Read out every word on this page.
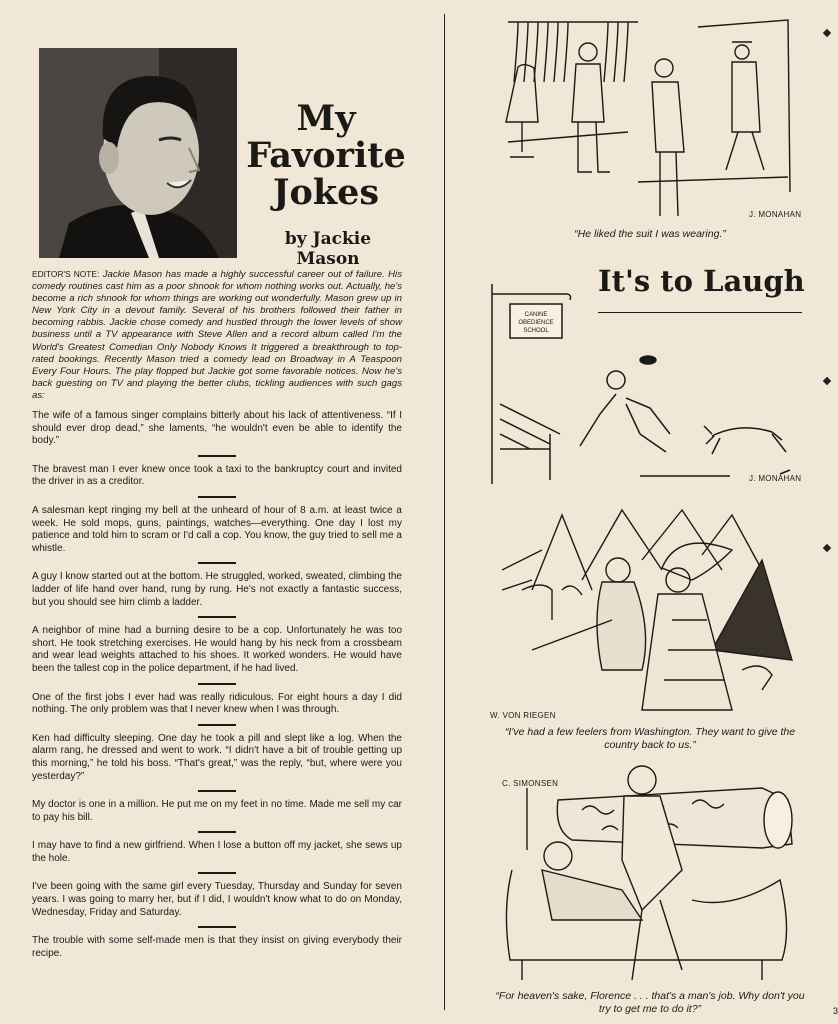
My
Favorite
Jokes
by Jackie Mason

EDITOR'S NOTE: Jackie Mason has made a highly successful career out of failure. His comedy routines cast him as a poor shnook for whom nothing works out. Actually, he's become a rich shnook for whom things are working out wonderfully. Mason grew up in New York City in a devout family. Several of his brothers followed their father in becoming rabbis. Jackie chose comedy and hustled through the lower levels of show business until a TV appearance with Steve Allen and a record album called I'm the World's Greatest Comedian Only Nobody Knows It triggered a breakthrough to top-rated bookings. Recently Mason tried a comedy lead on Broadway in A Teaspoon Every Four Hours. The play flopped but Jackie got some favorable notices. Now he's back guesting on TV and playing the better clubs, tickling audiences with such gags as:

The wife of a famous singer complains bitterly about his lack of attentiveness. “If I should ever drop dead,” she laments, “he wouldn't even be able to identify the body.”

The bravest man I ever knew once took a taxi to the bankruptcy court and invited the driver in as a creditor.

A salesman kept ringing my bell at the unheard of hour of 8 a.m. at least twice a week. He sold mops, guns, paintings, watches—everything. One day I lost my patience and told him to scram or I'd call a cop. You know, the guy tried to sell me a whistle.

A guy I know started out at the bottom. He struggled, worked, sweated, climbing the ladder of life hand over hand, rung by rung. He's not exactly a fantastic success, but you should see him climb a ladder.

A neighbor of mine had a burning desire to be a cop. Unfortunately he was too short. He took stretching exercises. He would hang by his neck from a crossbeam and wear lead weights attached to his shoes. It worked wonders. He would have been the tallest cop in the police department, if he had lived.

One of the first jobs I ever had was really ridiculous. For eight hours a day I did nothing. The only problem was that I never knew when I was through.

Ken had difficulty sleeping. One day he took a pill and slept like a log. When the alarm rang, he dressed and went to work. “I didn't have a bit of trouble getting up this morning,” he told his boss. “That's great,” was the reply, “but, where were you yesterday?”

My doctor is one in a million. He put me on my feet in no time. Made me sell my car to pay his bill.

I may have to find a new girlfriend. When I lose a button off my jacket, she sews up the hole.

I've been going with the same girl every Tuesday, Thursday and Sunday for seven years. I was going to marry her, but if I did, I wouldn't know what to do on Monday, Wednesday, Friday and Saturday.

The trouble with some self-made men is that they insist on giving everybody their recipe.

J. MONAHAN
“He liked the suit I was wearing.”
It's to Laugh
CANINE
OBEDIENCE
SCHOOL
J. MONAHAN
W. VON RIEGEN
“I've had a few feelers from Washington. They want to give the country back to us.”
C. SIMONSEN
“For heaven's sake, Florence . . . that's a man's job. Why don't you try to get me to do it?”	3
